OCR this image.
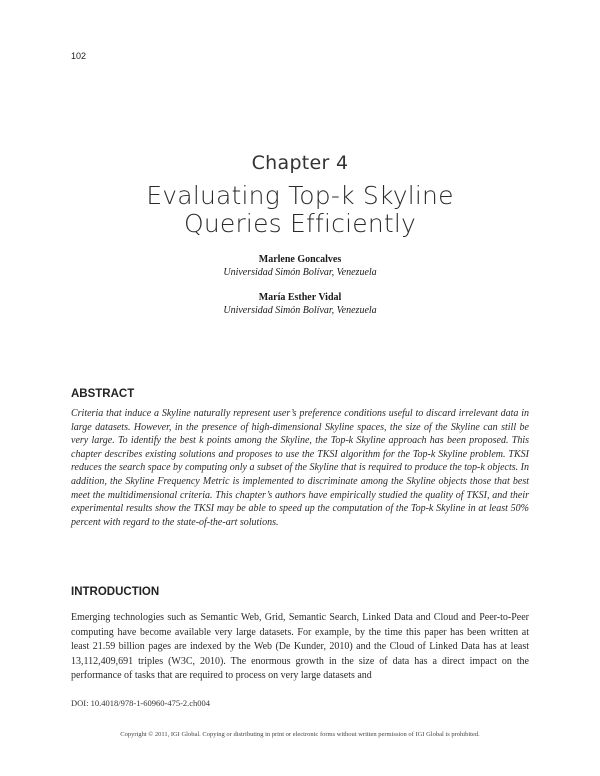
102
Chapter 4
Evaluating Top-k Skyline
Queries Efficiently
Marlene Goncalves
Universidad Simón Bolívar, Venezuela
María Esther Vidal
Universidad Simón Bolívar, Venezuela
ABSTRACT
Criteria that induce a Skyline naturally represent user’s preference conditions useful to discard irrelevant data in large datasets. However, in the presence of high-dimensional Skyline spaces, the size of the Skyline can still be very large. To identify the best k points among the Skyline, the Top-k Skyline approach has been proposed. This chapter describes existing solutions and proposes to use the TKSI algorithm for the Top-k Skyline problem. TKSI reduces the search space by computing only a subset of the Skyline that is required to produce the top-k objects. In addition, the Skyline Frequency Metric is implemented to discriminate among the Skyline objects those that best meet the multidimensional criteria. This chapter’s authors have empirically studied the quality of TKSI, and their experimental results show the TKSI may be able to speed up the computation of the Top-k Skyline in at least 50% percent with regard to the state-of-the-art solutions.
INTRODUCTION
Emerging technologies such as Semantic Web, Grid, Semantic Search, Linked Data and Cloud and Peer-to-Peer computing have become available very large datasets. For example, by the time this paper has been written at least 21.59 billion pages are indexed by the Web (De Kunder, 2010) and the Cloud of Linked Data has at least 13,112,409,691 triples (W3C, 2010). The enormous growth in the size of data has a direct impact on the performance of tasks that are required to process on very large datasets and
DOI: 10.4018/978-1-60960-475-2.ch004
Copyright © 2011, IGI Global. Copying or distributing in print or electronic forms without written permission of IGI Global is prohibited.
